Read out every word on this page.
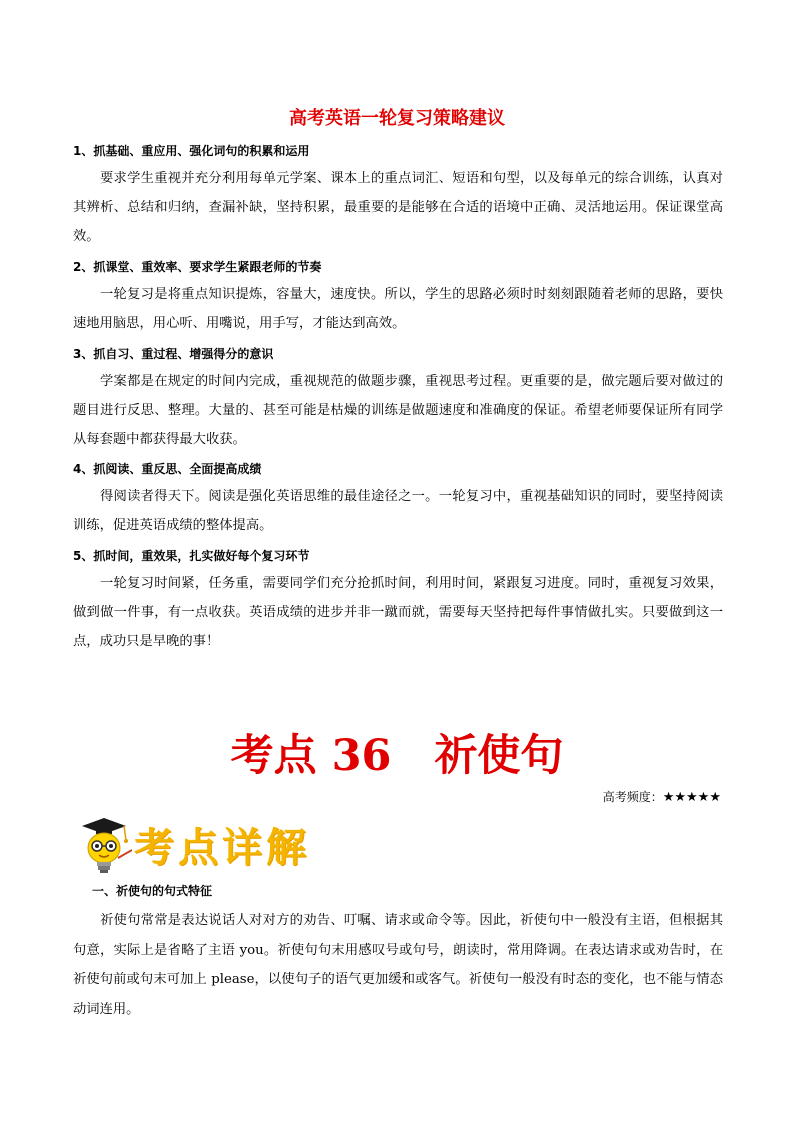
高考英语一轮复习策略建议

1、抓基础、重应用、强化词句的积累和运用

要求学生重视并充分利用每单元学案、课本上的重点词汇、短语和句型，以及每单元的综合训练，认真对其辨析、总结和归纳，查漏补缺，坚持积累，最重要的是能够在合适的语境中正确、灵活地运用。保证课堂高效。

2、抓课堂、重效率、要求学生紧跟老师的节奏

一轮复习是将重点知识提炼，容量大，速度快。所以，学生的思路必须时时刻刻跟随着老师的思路，要快速地用脑思，用心听、用嘴说，用手写，才能达到高效。

3、抓自习、重过程、增强得分的意识

学案都是在规定的时间内完成，重视规范的做题步骤，重视思考过程。更重要的是，做完题后要对做过的题目进行反思、整理。大量的、甚至可能是枯燥的训练是做题速度和准确度的保证。希望老师要保证所有同学从每套题中都获得最大收获。

4、抓阅读、重反思、全面提高成绩

得阅读者得天下。阅读是强化英语思维的最佳途径之一。一轮复习中，重视基础知识的同时，要坚持阅读训练，促进英语成绩的整体提高。

5、抓时间，重效果，扎实做好每个复习环节

一轮复习时间紧，任务重，需要同学们充分抢抓时间，利用时间，紧跟复习进度。同时，重视复习效果，做到做一件事，有一点收获。英语成绩的进步并非一蹴而就，需要每天坚持把每件事情做扎实。只要做到这一点，成功只是早晚的事！

考点 36　祈使句
高考频度：★★★★★
考点详解

一、祈使句的句式特征

祈使句常常是表达说话人对对方的劝告、叮嘱、请求或命令等。因此，祈使句中一般没有主语，但根据其句意，实际上是省略了主语 you。祈使句句末用感叹号或句号，朗读时，常用降调。在表达请求或劝告时，在祈使句前或句末可加上 please，以使句子的语气更加缓和或客气。祈使句一般没有时态的变化，也不能与情态动词连用。
